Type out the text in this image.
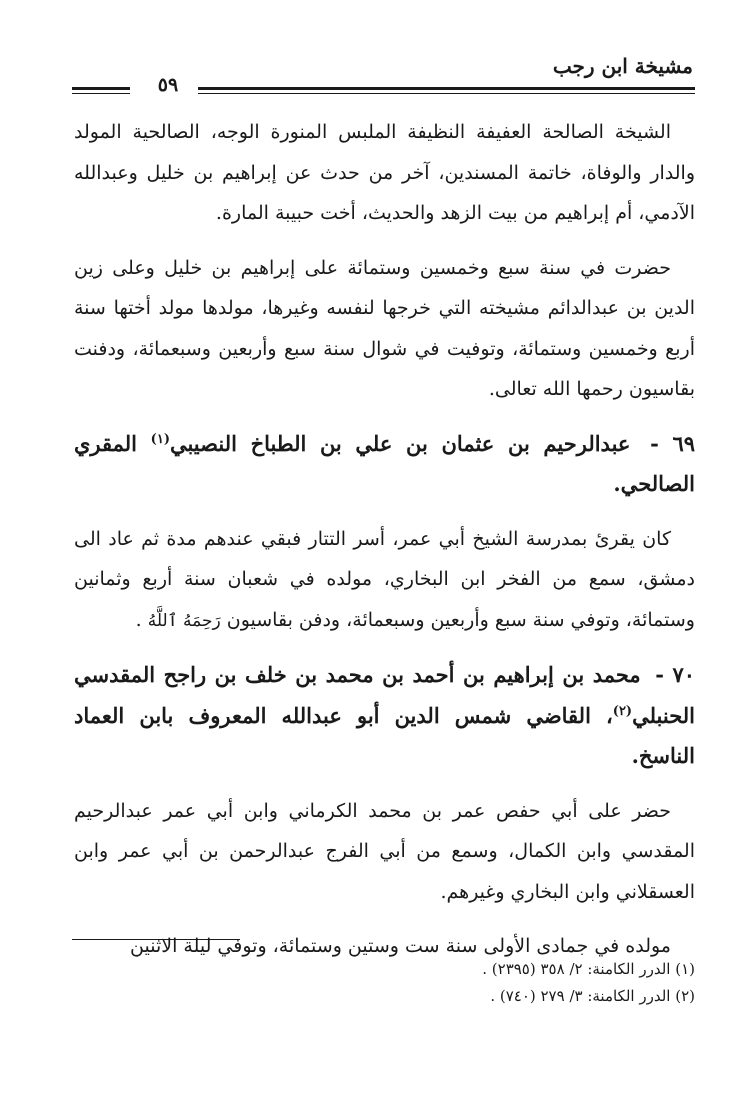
مشيخة ابن رجب
٥٩

الشيخة الصالحة العفيفة النظيفة الملبس المنورة الوجه، الصالحية المولد والدار والوفاة، خاتمة المسندين، آخر من حدث عن إبراهيم بن خليل وعبدالله الآدمي، أم إبراهيم من بيت الزهد والحديث، أخت حبيبة المارة.

حضرت في سنة سبع وخمسين وستمائة على إبراهيم بن خليل وعلى زين الدين بن عبدالدائم مشيخته التي خرجها لنفسه وغيرها، مولدها مولد أختها سنة أربع وخمسين وستمائة، وتوفيت في شوال سنة سبع وأربعين وسبعمائة، ودفنت بقاسيون رحمها الله تعالى.

٦٩ - عبدالرحيم بن عثمان بن علي بن الطباخ النصيبي$^{(١)}$ المقري الصالحي.

كان يقرئ بمدرسة الشيخ أبي عمر، أسر التتار فبقي عندهم مدة ثم عاد الى دمشق، سمع من الفخر ابن البخاري، مولده في شعبان سنة أربع وثمانين وستمائة، وتوفي سنة سبع وأربعين وسبعمائة، ودفن بقاسيون رَحِمَهُ ٱللَّهُ .

٧٠ - محمد بن إبراهيم بن أحمد بن محمد بن خلف بن راجح المقدسي الحنبلي$^{(٢)}$، القاضي شمس الدين أبو عبدالله المعروف بابن العماد الناسخ.

حضر على أبي حفص عمر بن محمد الكرماني وابن أبي عمر عبدالرحيم المقدسي وابن الكمال، وسمع من أبي الفرج عبدالرحمن بن أبي عمر وابن العسقلاني وابن البخاري وغيرهم.

مولده في جمادى الأولى سنة ست وستين وستمائة، وتوفي ليلة الاثنين

(١) الدرر الكامنة: ٢/ ٣٥٨ (٢٣٩٥) .

(٢) الدرر الكامنة: ٣/ ٢٧٩ (٧٤٠) .
